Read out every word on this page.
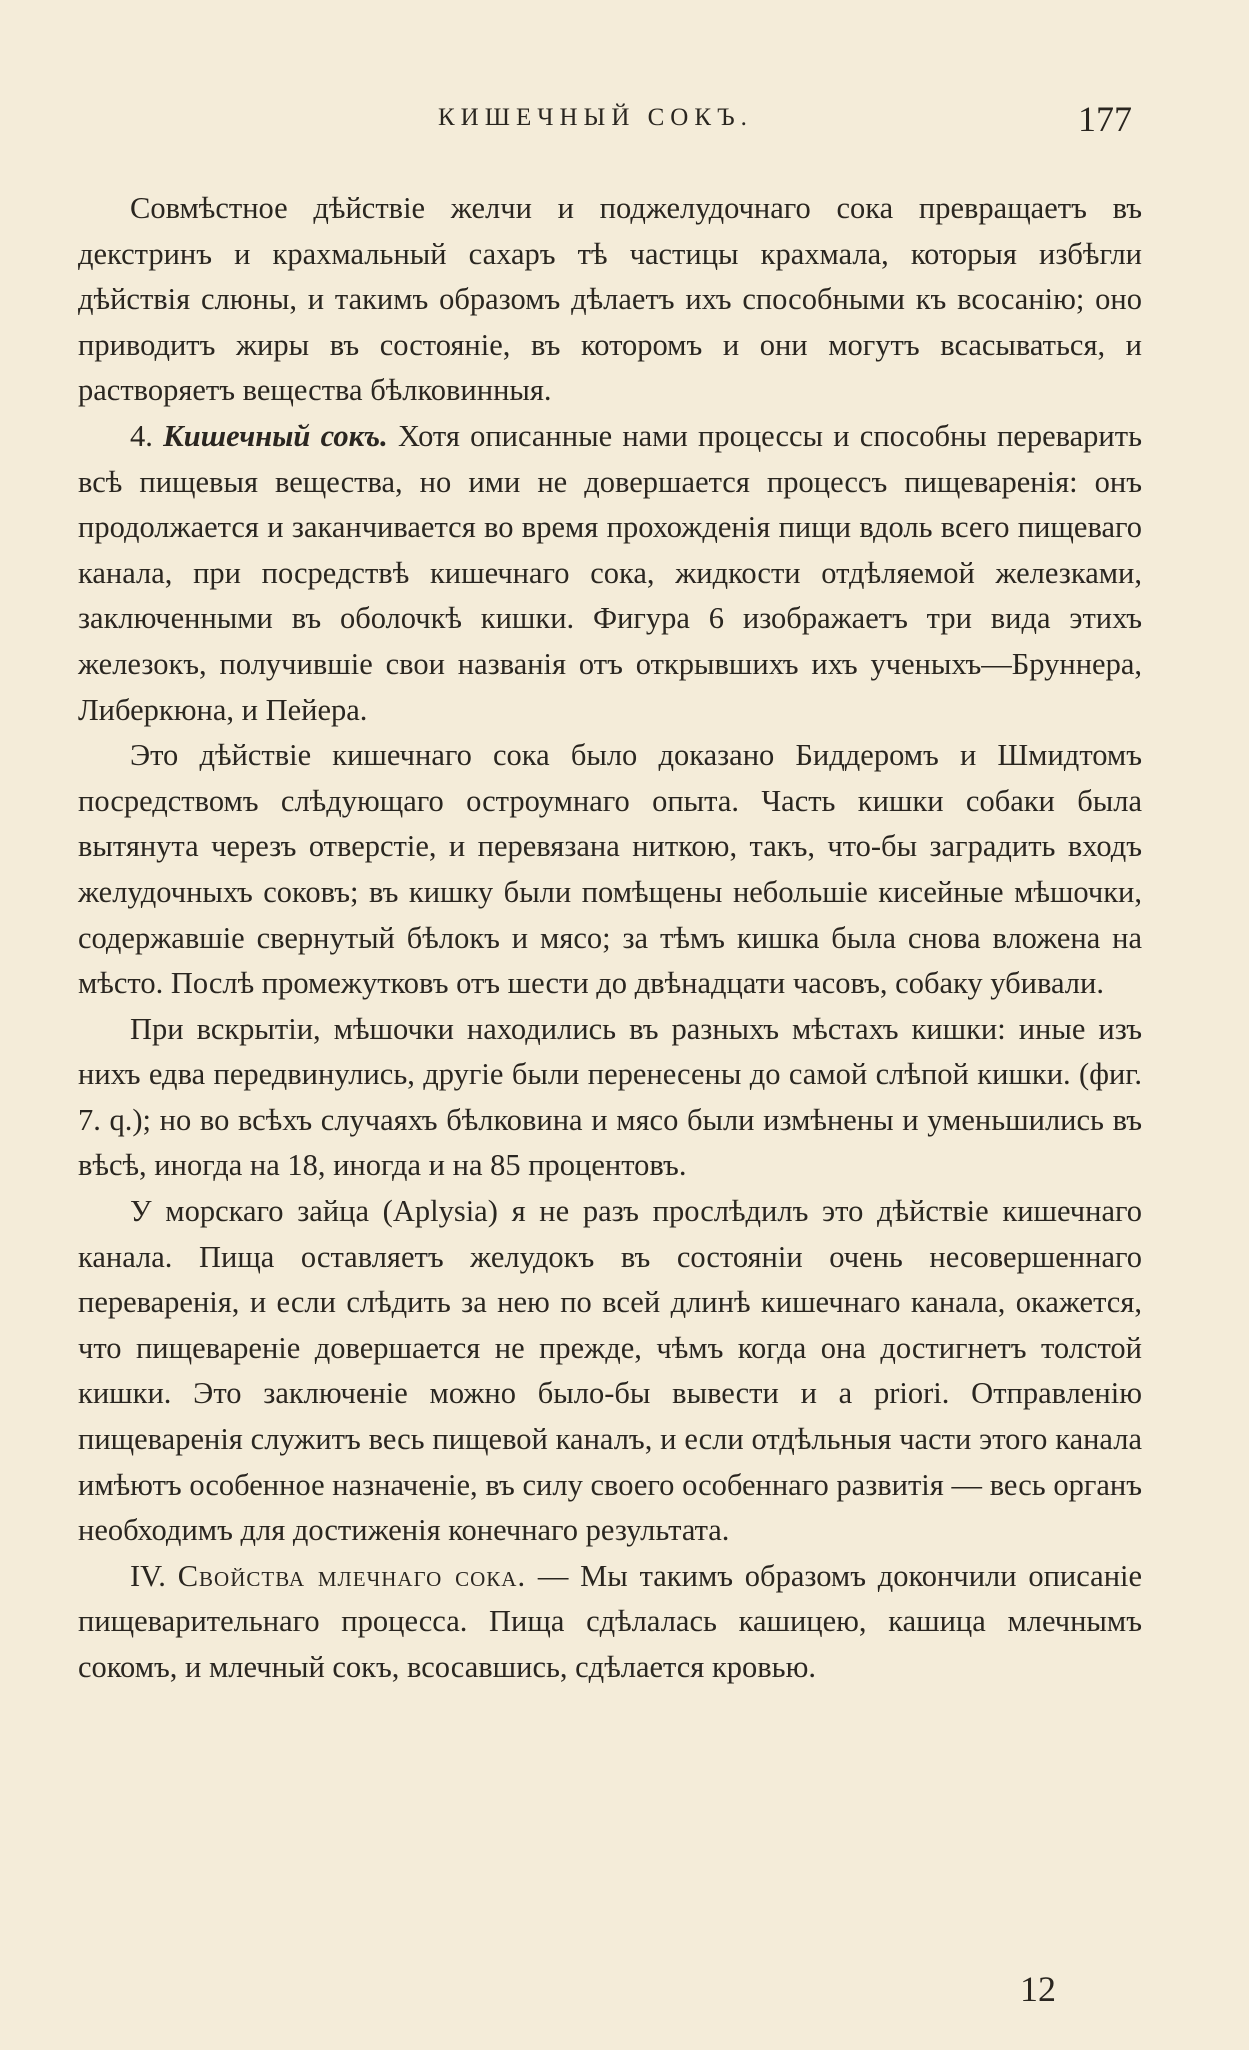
КИШЕЧНЫЙ СОКЪ.	177

Совмѣстное дѣйствіе желчи и поджелудочнаго сока превращаетъ въ декстринъ и крахмальный сахаръ тѣ частицы крахмала, которыя избѣгли дѣйствія слюны, и такимъ образомъ дѣлаетъ ихъ способными къ всосанію; оно приводитъ жиры въ состояніе, въ которомъ и они могутъ всасываться, и растворяетъ вещества бѣлковинныя.

4. Кишечный сокъ. Хотя описанные нами процессы и способны переварить всѣ пищевыя вещества, но ими не довершается процессъ пищеваренія: онъ продолжается и заканчивается во время прохожденія пищи вдоль всего пищеваго канала, при посредствѣ кишечнаго сока, жидкости отдѣляемой железками, заключенными въ оболочкѣ кишки. Фигура 6 изображаетъ три вида этихъ железокъ, получившіе свои названія отъ открывшихъ ихъ ученыхъ—Бруннера, Либеркюна, и Пейера.

Это дѣйствіе кишечнаго сока было доказано Биддеромъ и Шмидтомъ посредствомъ слѣдующаго остроумнаго опыта. Часть кишки собаки была вытянута черезъ отверстіе, и перевязана ниткою, такъ, что-бы заградить входъ желудочныхъ соковъ; въ кишку были помѣщены небольшіе кисейные мѣшочки, содержавшіе свернутый бѣлокъ и мясо; за тѣмъ кишка была снова вложена на мѣсто. Послѣ промежутковъ отъ шести до двѣнадцати часовъ, собаку убивали.

При вскрытіи, мѣшочки находились въ разныхъ мѣстахъ кишки: иные изъ нихъ едва передвинулись, другіе были перенесены до самой слѣпой кишки. (фиг. 7. q.); но во всѣхъ случаяхъ бѣлковина и мясо были измѣнены и уменьшились въ вѣсѣ, иногда на 18, иногда и на 85 процентовъ.

У морскаго зайца (Aplysia) я не разъ прослѣдилъ это дѣйствіе кишечнаго канала. Пища оставляетъ желудокъ въ состояніи очень несовершеннаго переваренія, и если слѣдить за нею по всей длинѣ кишечнаго канала, окажется, что пищевареніе довершается не прежде, чѣмъ когда она достигнетъ толстой кишки. Это заключеніе можно было-бы вывести и a priori. Отправленію пищеваренія служитъ весь пищевой каналъ, и если отдѣльныя части этого канала имѣютъ особенное назначеніе, въ силу своего особеннаго развитія — весь органъ необходимъ для достиженія конечнаго результата.

IV. Свойства млечнаго сока. — Мы такимъ образомъ докончили описаніе пищеварительнаго процесса. Пища сдѣлалась кашицею, кашица млечнымъ сокомъ, и млечный сокъ, всосавшись, сдѣлается кровью.

12
